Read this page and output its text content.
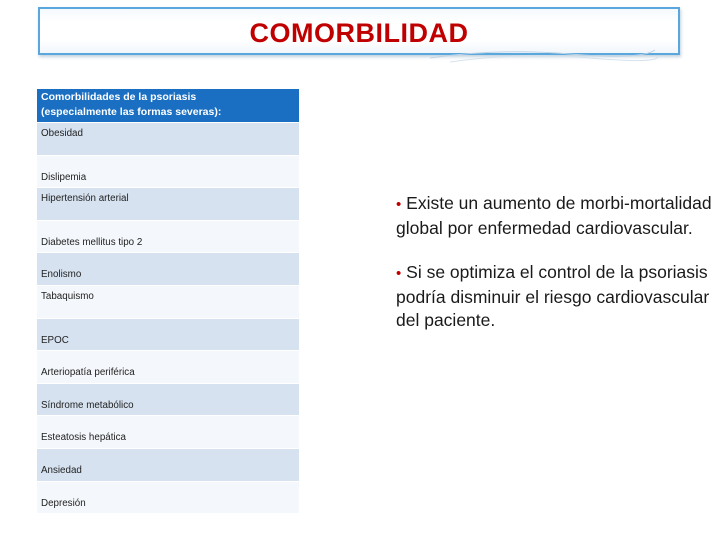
COMORBILIDAD
Comorbilidades de la psoriasis
(especialmente las formas severas):
Obesidad
Dislipemia
Hipertensión arterial
Diabetes mellitus tipo 2
Enolismo
Tabaquismo
EPOC
Arteriopatía periférica
Síndrome metabólico
Esteatosis hepática
Ansiedad
Depresión
• Existe un aumento de morbi-mortalidad global por enfermedad cardiovascular.
• Si se optimiza el control de la psoriasis podría disminuir el riesgo cardiovascular del paciente.
